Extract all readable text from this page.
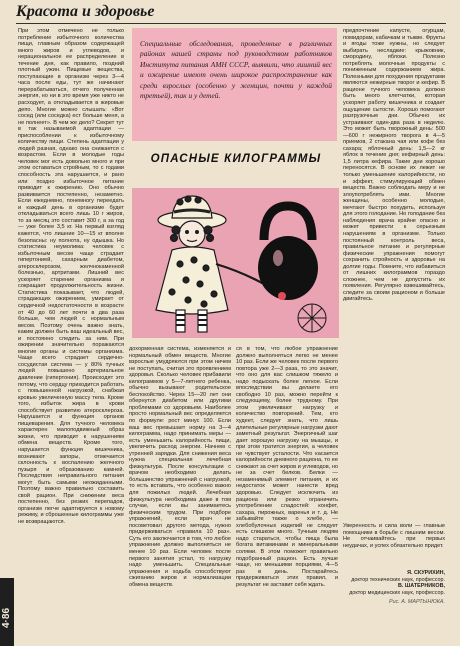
Красота и здоровье

При этом отмечено не только потребление избыточного количества пищи, главным образом содержащей много жиров и углеводов, и нерациональное ее распределение в течение дня, как правило, поздний плотный ужин. Пищевые вещества, поступающие в организм через 3—4 часа после еды, тут же начинают перерабатываться, отчего полученная энергия, но ни в это время уже никто не расходует, а откладывается в жировые депо. Многие можно слышать: «Вот сосед (или соседка) ест больше меня, а не полнеет». В чем же дело? Секрет тут в так называемой адаптации — приспособлении к избыточному количеству пищи. Степень адаптации у людей разная, однако она снижается с возрастом. Если в молодые годы человек мог есть довольно много и при этом оставаться стройным, то с годами способность эта нарушается, и рано или поздно избыточное питание приводит к ожирению. Оно обычно развивается постепенно, незаметно. Если ежедневно, понемногу переедать и каждый день в организме будет откладываться всего лишь 10 г жиров, то за месяц это составит 300 г, а за год — уже более 3,5 кг. На первый взгляд кажется, что лишние 10—15 кг вполне безопасны: ну полнота, ну одышка. Но статистика неумолима: человек с избыточным весом чаще страдает гипертонией, сахарным диабетом, атеросклерозом, желчнокаменной болезнью, артритами. Лишний вес ускоряет старение организма и сокращает продолжительность жизни. Статистика показывает, что людей, страдающих ожирением, умирает от сердечной недостаточности в возрасте от 40 до 60 лет почти в два раза больше, чем людей с нормальным весом. Поэтому очень важно знать, каким должен быть ваш идеальный вес, и постоянно следить за ним. При ожирении значительно поражаются многие органы и системы организма. Чаще всего страдает сердечно-сосудистая система — у 80% тучных людей повышено артериальное давление (гипертония). Происходят это потому, что сердцу приходится работать с повышенной нагрузкой, снабжая кровью увеличенную массу тела. Кроме того, избыток жира в крови способствует развитию атеросклероза. Нарушается и функция органов пищеварения. Для тучного человека характерен малоподвижный образ жизни, что приводит к нарушениям обмена веществ. Кроме того, нарушается функция кишечника, возникают запоры, отмечается склонность к воспалению желчного пузыря и образованию камней. Последствия неправильного питания могут быть самыми неожиданными. Поэтому важно правильно составить свой рацион. При снижении веса постепенно, без резких перепадов, организм легче адаптируется к новому режиму, и сброшенные килограммы уже не возвращаются.

Специальные обследования, проведенные в различных районах нашей страны под руководством работников Института питания АМН СССР, выявили, что лишний вес и ожирение имеют очень широкое распространение как среди взрослых (особенно у женщин, почти у каждой третьей), так и у детей.

ОПАСНЫЕ КИЛОГРАММЫ

дохорменная система, изменяется и нормальный обмен веществ. Многие взрослые умудряются при этом ничем не поступать, считая это проявлением здоровья. Сколько человек прибавили килограммов у 5—7-летнего ребенка, обычно вызывают родительское беспокойство. Через 15—20 лет они обернутся диабетом или другими проблемами со здоровьем. Наиболее просто нормальный вес определяется по формуле: рост минус 100. Если ваш вес превышает норму на 3—4 килограмма, надо принимать меры — есть уменьшить калорийность пищи, увеличить расход энергии. Начнем с утренней зарядки. Для снижения веса нужна специальная лечебная физкультура. После консультации с врачом необходимо делать большинство упражнений с нагрузкой, то есть вставать, что особенно важно для пожилых людей. Лечебная физкультура необходима даже в том случае, если вы занимаетесь физическим трудом. При подборе упражнений, если врач не посоветовал другого метода, нужно придерживаться «правила 10 раз». Суть его заключается в том, что любое упражнение должно выполняться не менее 10 раз. Если человек после первого занятия устал, то нагрузку надо уменьшить. Специальные упражнения и ходьба способствуют сжиганию жиров и нормализации обмена веществ.

ся в том, что любое упражнение должно выполняться легко не менее 10 раз. Если же человек после первого повтора уже 2—3 раза, то это значит, что оно для вас слишком тяжело и надо подыскать более легкое. Если впоследствии вы делаете его свободно 10 раз, можно перейти к следующему, более трудному. При этом увеличивают нагрузку и количество повторений. Тем, кто худеет, следует знать, что лишь длительные регулярные нагрузки дают заметный результат. Энергичный шаг дает хорошую нагрузку на мышцы, и при этом тратится энергия, а человек не чувствует усталости. Что касается калорийности дневного рациона, то ее снижают за счет жиров и углеводов, но не за счет белков. Белки — незаменимый элемент питания, и их недостаток может нанести вред здоровью. Следует исключить из рациона или резко ограничить употребление сладостей: конфет, сахара, пирожных, варенья и т. д. Не забывайте также о хлебе, — хлебобулочных изделий не следует есть слишком много. Тучным людям надо стараться, чтобы пища была богата витаминами и минеральными солями. В этом поможет правильно подобранный рацион. Есть лучше чаще, но меньшими порциями, 4—5 раз в день. Постарайтесь придерживаться этих правил, и результат не заставит себя ждать.

предпочтение капусте, огурцам, помидорам, кабачкам и тыкве. Фрукты и ягоды тоже нужны, но следует выбирать несладкие: крыжовник, смородину, яблоки. Полезно потреблять молочные продукты с пониженным содержанием жира. Полезными для похудения продуктами являются нежирные творог и кефир. В рационе тучного человека должно быть много клетчатки, которая ускоряет работу кишечника и создает ощущение сытости. Хорошо помогают разгрузочные дни. Обычно их устраивают один-два раза в неделю. Это может быть творожный день: 500—600 г нежирного творога в 4—5 приемов, 2 стакана чая или кофе без сахара; яблочный день: 1,5—2 кг яблок в течение дня; кефирный день: 1,5 литра кефира. Такие дни хорошо переносятся. В основе их лежит не только уменьшение калорийности, но и эффект, стимулирующий обмен веществ. Важно соблюдать меру и не злоупотреблять ими. Многие женщины, особенно молодые, мечтают быстро похудеть, используя для этого голодание. Но голодание без наблюдения врача крайне опасно и может привести к серьезным нарушениям в организме. Только постоянный контроль веса, правильное питание и регулярные физические упражнения помогут сохранить стройность и здоровье на долгие годы. Помните, что избавиться от лишних килограммов гораздо сложнее, чем не допустить их появления. Регулярно взвешивайтесь, следите за своим рационом и больше двигайтесь.

Уверенность и сила воли — главные помощники в борьбе с лишним весом. Не отчаивайтесь при первых неудачах, и успех обязательно придет.

Я. СКУРИХИН,
доктор технических наук, профессор.
В. ШАТЕРНИКОВ,
доктор медицинских наук, профессор.
Рис. А. МАРТЫНЮКА.
4·86
